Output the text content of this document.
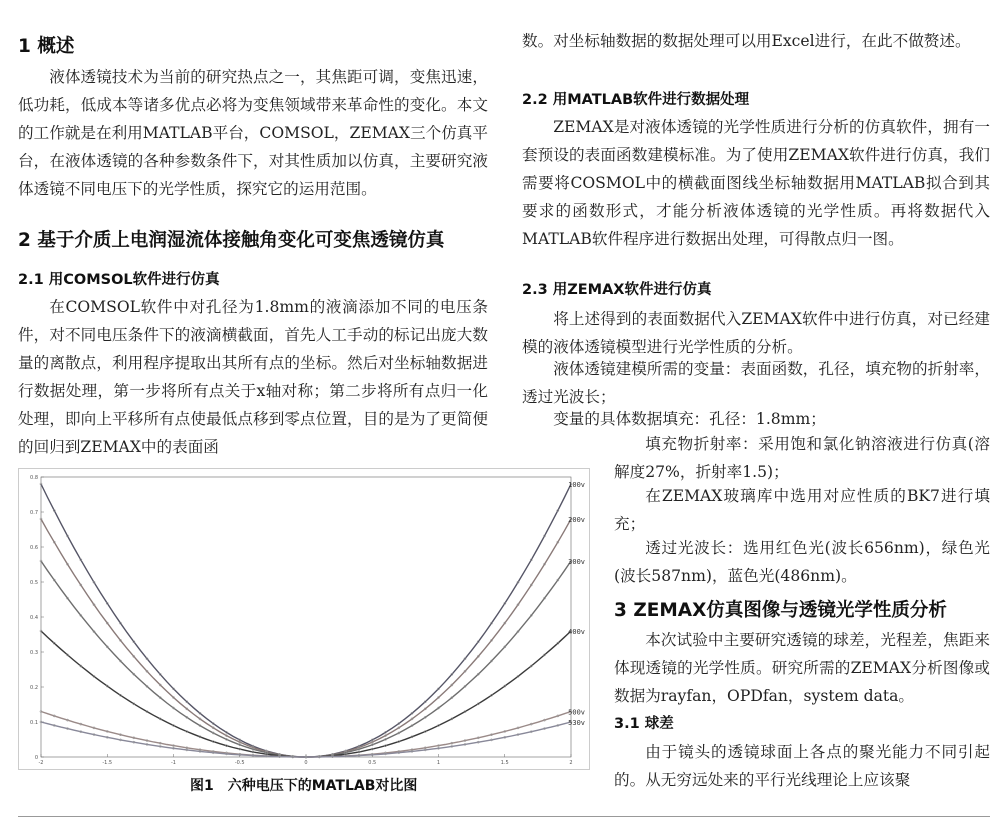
1 概述
液体透镜技术为当前的研究热点之一，其焦距可调，变焦迅速，低功耗，低成本等诸多优点必将为变焦领域带来革命性的变化。本文的工作就是在利用MATLAB平台，COMSOL，ZEMAX三个仿真平台，在液体透镜的各种参数条件下，对其性质加以仿真，主要研究液体透镜不同电压下的光学性质，探究它的运用范围。
2 基于介质上电润湿流体接触角变化可变焦透镜仿真
2.1 用COMSOL软件进行仿真
在COMSOL软件中对孔径为1.8mm的液滴添加不同的电压条件，对不同电压条件下的液滴横截面，首先人工手动的标记出庞大数量的离散点，利用程序提取出其所有点的坐标。然后对坐标轴数据进行数据处理，第一步将所有点关于x轴对称；第二步将所有点归一化处理，即向上平移所有点使最低点移到零点位置，目的是为了更简便的回归到ZEMAX中的表面函
0
0.1
0.2
0.3
0.4
0.5
0.6
0.7
0.8
-2	-1.5	-1	-0.5	0	0.5	1	1.5	2
100v
200v
300v
400v
500v
530v
图1　六种电压下的MATLAB对比图
数。对坐标轴数据的数据处理可以用Excel进行，在此不做赘述。
2.2 用MATLAB软件进行数据处理
ZEMAX是对液体透镜的光学性质进行分析的仿真软件，拥有一套预设的表面函数建模标准。为了使用ZEMAX软件进行仿真，我们需要将COSMOL中的横截面图线坐标轴数据用MATLAB拟合到其要求的函数形式，才能分析液体透镜的光学性质。再将数据代入MATLAB软件程序进行数据出处理，可得散点归一图。
2.3 用ZEMAX软件进行仿真
将上述得到的表面数据代入ZEMAX软件中进行仿真，对已经建模的液体透镜模型进行光学性质的分析。
液体透镜建模所需的变量：表面函数，孔径，填充物的折射率，透过光波长；
变量的具体数据填充：孔径：1.8mm；
填充物折射率：采用饱和氯化钠溶液进行仿真(溶解度27%，折射率1.5)；
在ZEMAX玻璃库中选用对应性质的BK7进行填充；
透过光波长：选用红色光(波长656nm)，绿色光(波长587nm)，蓝色光(486nm)。
3 ZEMAX仿真图像与透镜光学性质分析
本次试验中主要研究透镜的球差，光程差，焦距来体现透镜的光学性质。研究所需的ZEMAX分析图像或数据为rayfan，OPDfan，system data。
3.1 球差
由于镜头的透镜球面上各点的聚光能力不同引起的。从无穷远处来的平行光线理论上应该聚
